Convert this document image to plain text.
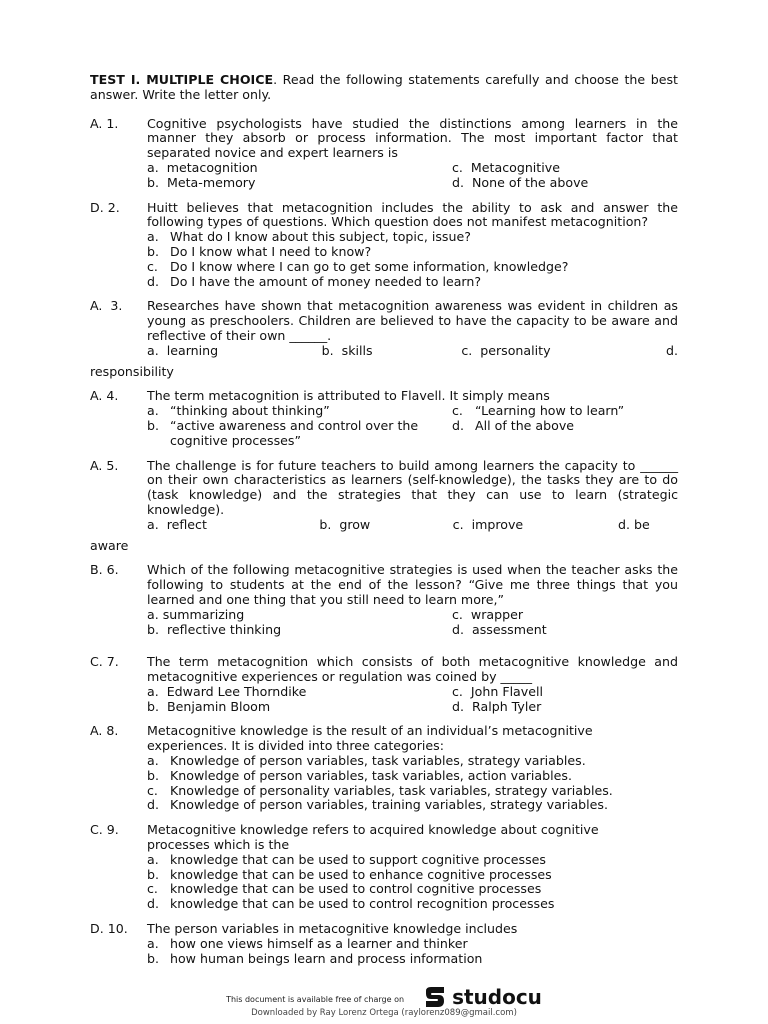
TEST I. MULTIPLE CHOICE. Read the following statements carefully and choose the best answer. Write the letter only.
A. 1.	Cognitive psychologists have studied the distinctions among learners in the manner they absorb or process information. The most important factor that separated novice and expert learners is
a.  metacognition	c.  Metacognitive
b.  Meta-memory	d.  None of the above
D. 2.	Huitt believes that metacognition includes the ability to ask and answer the following types of questions. Which question does not manifest metacognition?
a. What do I know about this subject, topic, issue?
b. Do I know what I need to know?
c. Do I know where I can go to get some information, knowledge?
d. Do I have the amount of money needed to learn?
A.  3.	Researches have shown that metacognition awareness was evident in children as young as preschoolers. Children are believed to have the capacity to be aware and reflective of their own ______.
a.  learning	b.  skills	c.  personality	d.
responsibility
A. 4.	The term metacognition is attributed to Flavell. It simply means
a. “thinking about thinking”	c. “Learning how to learn”
b. “active awareness and control over the cognitive processes”
d. All of the above
A. 5.	The challenge is for future teachers to build among learners the capacity to ______ on their own characteristics as learners (self-knowledge), the tasks they are to do (task knowledge) and the strategies that they can use to learn (strategic knowledge).
a.  reflect	b.  grow	c.  improve	d. be
aware
B. 6.	Which of the following metacognitive strategies is used when the teacher asks the following to students at the end of the lesson? “Give me three things that you learned and one thing that you still need to learn more,”
a. summarizing	c.  wrapper
b.  reflective thinking	d.  assessment
C. 7.	The term metacognition which consists of both metacognitive knowledge and metacognitive experiences or regulation was coined by _____
a.  Edward Lee Thorndike	c.  John Flavell
b.  Benjamin Bloom	d.  Ralph Tyler
A. 8.	Metacognitive knowledge is the result of an individual’s metacognitive experiences. It is divided into three categories:
a. Knowledge of person variables, task variables, strategy variables.
b. Knowledge of person variables, task variables, action variables.
c. Knowledge of personality variables, task variables, strategy variables.
d. Knowledge of person variables, training variables, strategy variables.
C. 9.	Metacognitive knowledge refers to acquired knowledge about cognitive processes which is the
a. knowledge that can be used to support cognitive processes
b. knowledge that can be used to enhance cognitive processes
c. knowledge that can be used to control cognitive processes
d. knowledge that can be used to control recognition processes
D. 10.	The person variables in metacognitive knowledge includes
a. how one views himself as a learner and thinker
b. how human beings learn and process information
This document is available free of charge on studocu
Downloaded by Ray Lorenz Ortega (raylorenz089@gmail.com)
